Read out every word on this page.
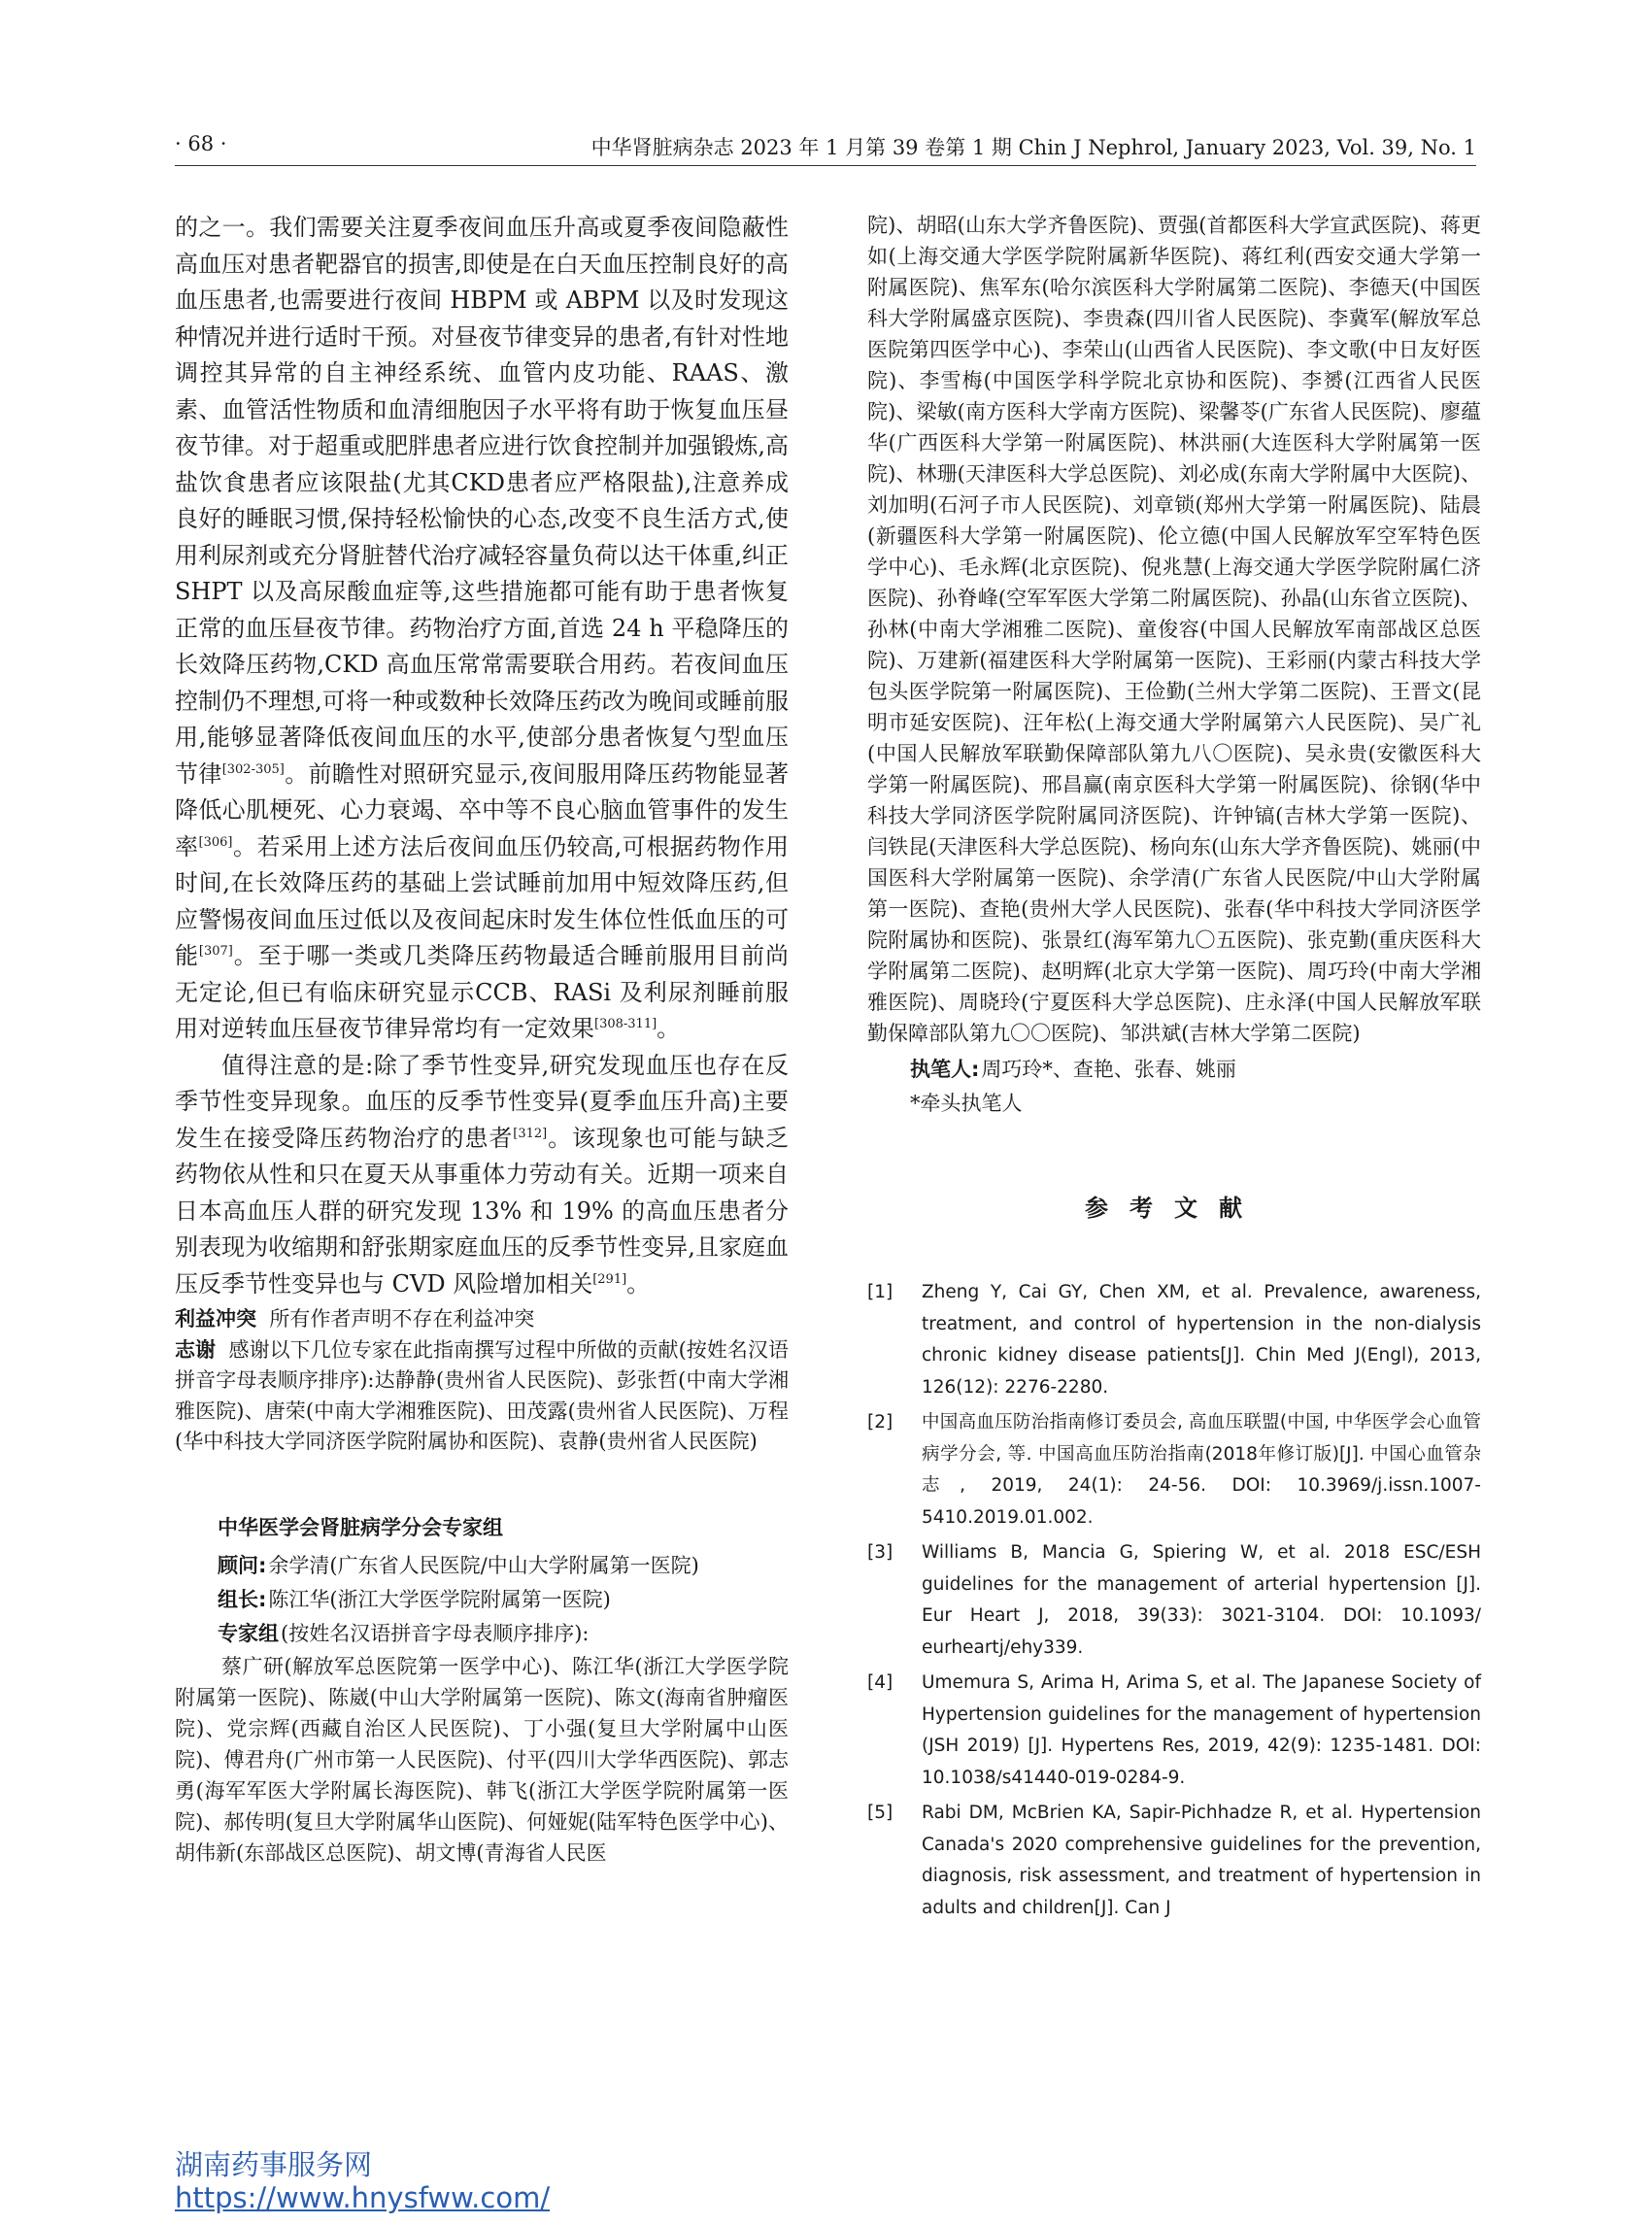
· 68 ·	中华肾脏病杂志 2023 年 1 月第 39 卷第 1 期 Chin J Nephrol, January 2023, Vol. 39, No. 1

的之一。我们需要关注夏季夜间血压升高或夏季夜间隐蔽性高血压对患者靶器官的损害,即使是在白天血压控制良好的高血压患者,也需要进行夜间 HBPM 或 ABPM 以及时发现这种情况并进行适时干预。对昼夜节律变异的患者,有针对性地调控其异常的自主神经系统、血管内皮功能、RAAS、激素、血管活性物质和血清细胞因子水平将有助于恢复血压昼夜节律。对于超重或肥胖患者应进行饮食控制并加强锻炼,高盐饮食患者应该限盐(尤其CKD患者应严格限盐),注意养成良好的睡眠习惯,保持轻松愉快的心态,改变不良生活方式,使用利尿剂或充分肾脏替代治疗减轻容量负荷以达干体重,纠正 SHPT 以及高尿酸血症等,这些措施都可能有助于患者恢复正常的血压昼夜节律。药物治疗方面,首选 24 h 平稳降压的长效降压药物,CKD 高血压常常需要联合用药。若夜间血压控制仍不理想,可将一种或数种长效降压药改为晚间或睡前服用,能够显著降低夜间血压的水平,使部分患者恢复勺型血压节律[302-305]。前瞻性对照研究显示,夜间服用降压药物能显著降低心肌梗死、心力衰竭、卒中等不良心脑血管事件的发生率[306]。若采用上述方法后夜间血压仍较高,可根据药物作用时间,在长效降压药的基础上尝试睡前加用中短效降压药,但应警惕夜间血压过低以及夜间起床时发生体位性低血压的可能[307]。至于哪一类或几类降压药物最适合睡前服用目前尚无定论,但已有临床研究显示CCB、RASi 及利尿剂睡前服用对逆转血压昼夜节律异常均有一定效果[308-311]。

值得注意的是:除了季节性变异,研究发现血压也存在反季节性变异现象。血压的反季节性变异(夏季血压升高)主要发生在接受降压药物治疗的患者[312]。该现象也可能与缺乏药物依从性和只在夏天从事重体力劳动有关。近期一项来自日本高血压人群的研究发现 13% 和 19% 的高血压患者分别表现为收缩期和舒张期家庭血压的反季节性变异,且家庭血压反季节性变异也与 CVD 风险增加相关[291]。

利益冲突 所有作者声明不存在利益冲突

志谢 感谢以下几位专家在此指南撰写过程中所做的贡献(按姓名汉语拼音字母表顺序排序):达静静(贵州省人民医院)、彭张哲(中南大学湘雅医院)、唐荣(中南大学湘雅医院)、田茂露(贵州省人民医院)、万程(华中科技大学同济医学院附属协和医院)、袁静(贵州省人民医院)

中华医学会肾脏病学分会专家组
顾问:余学清(广东省人民医院/中山大学附属第一医院)
组长:陈江华(浙江大学医学院附属第一医院)
专家组(按姓名汉语拼音字母表顺序排序):

蔡广研(解放军总医院第一医学中心)、陈江华(浙江大学医学院附属第一医院)、陈崴(中山大学附属第一医院)、陈文(海南省肿瘤医院)、党宗辉(西藏自治区人民医院)、丁小强(复旦大学附属中山医院)、傅君舟(广州市第一人民医院)、付平(四川大学华西医院)、郭志勇(海军军医大学附属长海医院)、韩飞(浙江大学医学院附属第一医院)、郝传明(复旦大学附属华山医院)、何娅妮(陆军特色医学中心)、胡伟新(东部战区总医院)、胡文博(青海省人民医

院)、胡昭(山东大学齐鲁医院)、贾强(首都医科大学宣武医院)、蒋更如(上海交通大学医学院附属新华医院)、蒋红利(西安交通大学第一附属医院)、焦军东(哈尔滨医科大学附属第二医院)、李德天(中国医科大学附属盛京医院)、李贵森(四川省人民医院)、李冀军(解放军总医院第四医学中心)、李荣山(山西省人民医院)、李文歌(中日友好医院)、李雪梅(中国医学科学院北京协和医院)、李赟(江西省人民医院)、梁敏(南方医科大学南方医院)、梁馨苓(广东省人民医院)、廖蕴华(广西医科大学第一附属医院)、林洪丽(大连医科大学附属第一医院)、林珊(天津医科大学总医院)、刘必成(东南大学附属中大医院)、刘加明(石河子市人民医院)、刘章锁(郑州大学第一附属医院)、陆晨(新疆医科大学第一附属医院)、伦立德(中国人民解放军空军特色医学中心)、毛永辉(北京医院)、倪兆慧(上海交通大学医学院附属仁济医院)、孙脊峰(空军军医大学第二附属医院)、孙晶(山东省立医院)、孙林(中南大学湘雅二医院)、童俊容(中国人民解放军南部战区总医院)、万建新(福建医科大学附属第一医院)、王彩丽(内蒙古科技大学包头医学院第一附属医院)、王俭勤(兰州大学第二医院)、王晋文(昆明市延安医院)、汪年松(上海交通大学附属第六人民医院)、吴广礼(中国人民解放军联勤保障部队第九八〇医院)、吴永贵(安徽医科大学第一附属医院)、邢昌赢(南京医科大学第一附属医院)、徐钢(华中科技大学同济医学院附属同济医院)、许钟镐(吉林大学第一医院)、闫铁昆(天津医科大学总医院)、杨向东(山东大学齐鲁医院)、姚丽(中国医科大学附属第一医院)、余学清(广东省人民医院/中山大学附属第一医院)、查艳(贵州大学人民医院)、张春(华中科技大学同济医学院附属协和医院)、张景红(海军第九〇五医院)、张克勤(重庆医科大学附属第二医院)、赵明辉(北京大学第一医院)、周巧玲(中南大学湘雅医院)、周晓玲(宁夏医科大学总医院)、庄永泽(中国人民解放军联勤保障部队第九〇〇医院)、邹洪斌(吉林大学第二医院)

执笔人:周巧玲*、查艳、张春、姚丽
*牵头执笔人
参考文献
[1]	Zheng Y, Cai GY, Chen XM, et al. Prevalence, awareness, treatment, and control of hypertension in the non-dialysis chronic kidney disease patients[J]. Chin Med J(Engl), 2013, 126(12): 2276-2280.
[2]	中国高血压防治指南修订委员会, 高血压联盟(中国, 中华医学会心血管病学分会, 等. 中国高血压防治指南(2018年修订版)[J]. 中国心血管杂志, 2019, 24(1): 24-56. DOI: 10.3969/j.issn.1007-5410.2019.01.002.
[3]	Williams B, Mancia G, Spiering W, et al. 2018 ESC/ESH guidelines for the management of arterial hypertension [J]. Eur Heart J, 2018, 39(33): 3021-3104. DOI: 10.1093/ eurheartj/ehy339.
[4]	Umemura S, Arima H, Arima S, et al. The Japanese Society of Hypertension guidelines for the management of hypertension (JSH 2019) [J]. Hypertens Res, 2019, 42(9): 1235-1481. DOI: 10.1038/s41440-019-0284-9.
[5]	Rabi DM, McBrien KA, Sapir-Pichhadze R, et al. Hypertension Canada's 2020 comprehensive guidelines for the prevention, diagnosis, risk assessment, and treatment of hypertension in adults and children[J]. Can J
湖南药事服务网
https://www.hnysfww.com/
